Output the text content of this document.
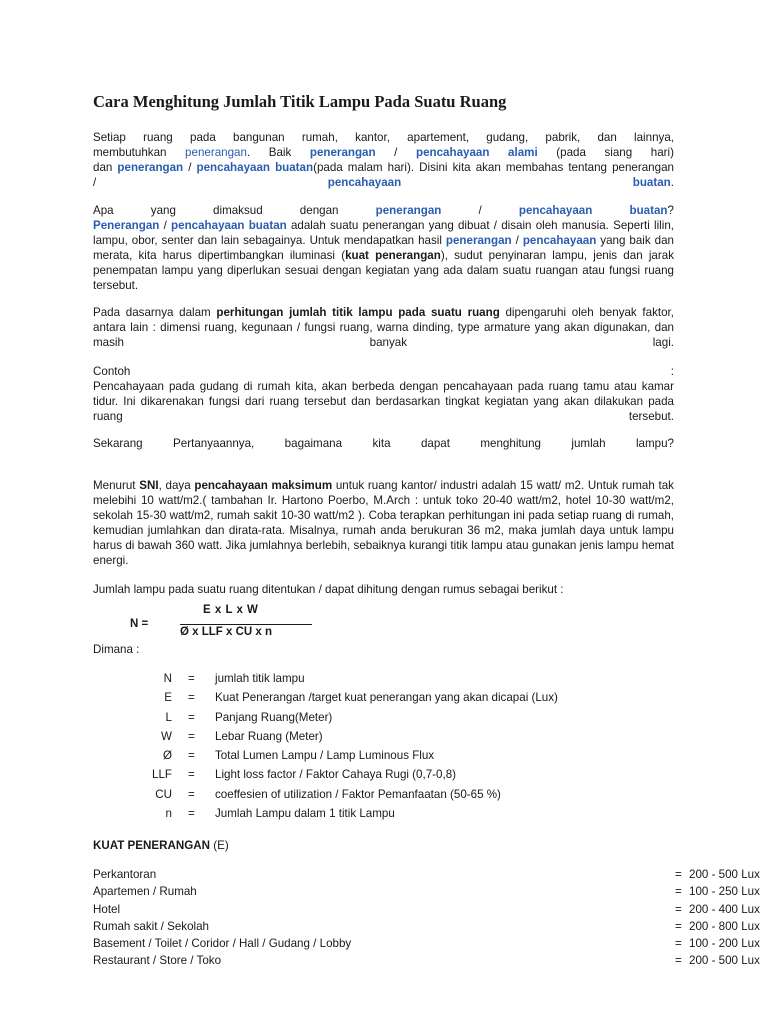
Cara Menghitung Jumlah Titik Lampu Pada Suatu Ruang
Setiap ruang pada bangunan rumah, kantor, apartement, gudang, pabrik, dan lainnya,
membutuhkan penerangan. Baik penerangan / pencahayaan alami (pada siang hari)
dan penerangan / pencahayaan buatan(pada malam hari). Disini kita akan membahas tentang penerangan
/	pencahayaan	buatan.
Apa yang dimaksud dengan	penerangan	/	pencahayaan	buatan?
Penerangan / pencahayaan buatan adalah suatu penerangan yang dibuat / disain oleh manusia. Seperti lilin,
lampu, obor, senter dan lain sebagainya. Untuk mendapatkan hasil penerangan / pencahayaan yang baik dan
merata, kita harus dipertimbangkan iluminasi (kuat penerangan), sudut penyinaran lampu, jenis dan jarak
penempatan lampu yang diperlukan sesuai dengan kegiatan yang ada dalam suatu ruangan atau fungsi ruang
tersebut.
Pada dasarnya dalam perhitungan jumlah titik lampu pada suatu ruang dipengaruhi oleh benyak faktor,
antara lain : dimensi ruang, kegunaan / fungsi ruang, warna dinding, type armature yang akan digunakan, dan
masih banyak lagi.
Contoh	:
Pencahayaan pada gudang di rumah kita, akan berbeda dengan pencahayaan pada ruang tamu atau kamar
tidur. Ini dikarenakan fungsi dari ruang tersebut dan berdasarkan tingkat kegiatan yang akan dilakukan pada
ruang	tersebut.
Sekarang Pertanyaannya, bagaimana kita dapat menghitung jumlah lampu?
Menurut SNI, daya pencahayaan maksimum untuk ruang kantor/ industri adalah 15 watt/ m2. Untuk rumah tak
melebihi 10 watt/m2.( tambahan Ir. Hartono Poerbo, M.Arch : untuk toko 20-40 watt/m2, hotel 10-30 watt/m2,
sekolah 15-30 watt/m2, rumah sakit 10-30 watt/m2 ). Coba terapkan perhitungan ini pada setiap ruang di rumah,
kemudian jumlahkan dan dirata-rata. Misalnya, rumah anda berukuran 36 m2, maka jumlah daya untuk lampu
harus di bawah 360 watt. Jika jumlahnya berlebih, sebaiknya kurangi titik lampu atau gunakan jenis lampu hemat
energi.
Jumlah lampu pada suatu ruang ditentukan / dapat dihitung dengan rumus sebagai berikut :
N =
E x L x W
Ø x LLF x CU x n
Dimana :
N = jumlah titik lampu
E = Kuat Penerangan /target kuat penerangan yang akan dicapai (Lux)
L = Panjang Ruang(Meter)
W = Lebar Ruang (Meter)
Ø = Total Lumen Lampu / Lamp Luminous Flux
LLF = Light loss factor / Faktor Cahaya Rugi (0,7-0,8)
CU = coeffesien of utilization / Faktor Pemanfaatan (50-65 %)
n = Jumlah Lampu dalam 1 titik Lampu
KUAT PENERANGAN (E)
Perkantoran	= 200 - 500 Lux
Apartemen / Rumah	= 100 - 250 Lux
Hotel	= 200 - 400 Lux
Rumah sakit / Sekolah	= 200 - 800 Lux
Basement / Toilet / Coridor / Hall / Gudang / Lobby	= 100 - 200 Lux
Restaurant / Store / Toko	= 200 - 500 Lux
